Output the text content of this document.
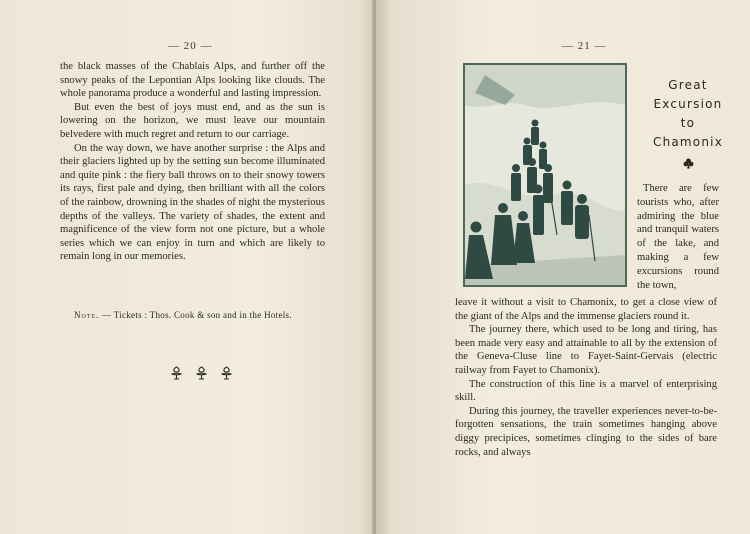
— 20 —

the black masses of the Chablais Alps, and further off the snowy peaks of the Lepontian Alps looking like clouds. The whole panorama produce a wonderful and lasting impression.

But even the best of joys must end, and as the sun is lowering on the horizon, we must leave our mountain belvedere with much regret and return to our carriage.

On the way down, we have another surprise : the Alps and their glaciers lighted up by the setting sun become illuminated and quite pink : the fiery ball throws on to their snowy towers its rays, first pale and dying, then brilliant with all the colors of the rainbow, drowning in the shades of night the mysterious depths of the valleys. The variety of shades, the extent and magnificence of the view form not one picture, but a whole series which we can enjoy in turn and which are likely to remain long in our memories.

Note. — Tickets : Thos. Cook & son and in the Hotels.
— 21 —
Great
Excursion
to
Chamonix

There are few tourists who, after admiring the blue and tranquil waters of the lake, and making a few excursions round the town,

leave it without a visit to Chamonix, to get a close view of the giant of the Alps and the immense glaciers round it.

The journey there, which used to be long and tiring, has been made very easy and attainable to all by the extension of the Geneva-Cluse line to Fayet-Saint-Gervais (electric railway from Fayet to Chamonix).

The construction of this line is a marvel of enterprising skill.

During this journey, the traveller experiences never-to-be-forgotten sensations, the train sometimes hanging above diggy precipices, sometimes clinging to the sides of bare rocks, and always
